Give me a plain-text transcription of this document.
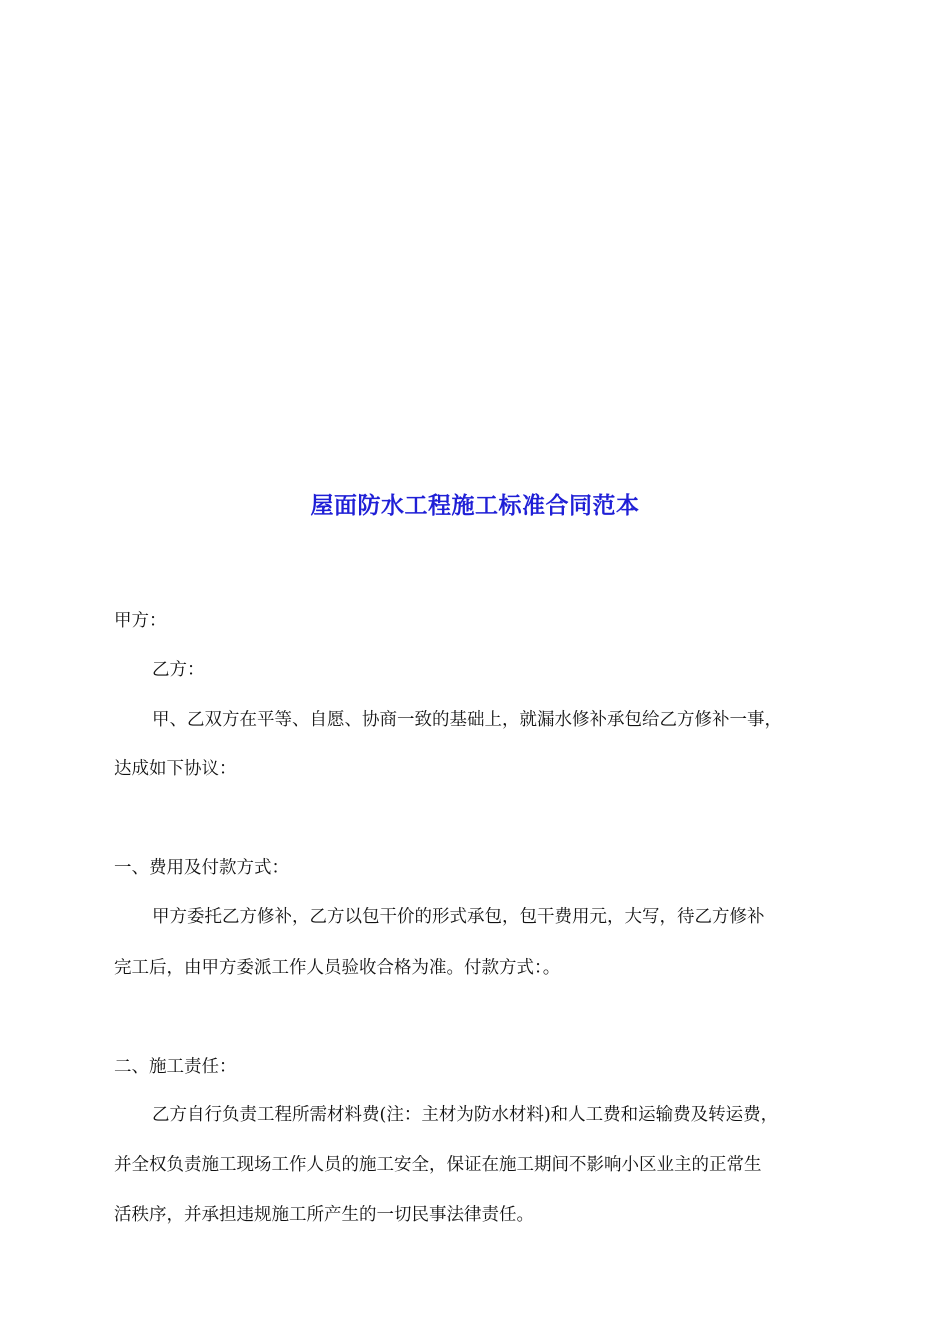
屋面防水工程施工标准合同范本
甲方：
乙方：
甲、乙双方在平等、自愿、协商一致的基础上，就漏水修补承包给乙方修补一事，
达成如下协议：
一、费用及付款方式：
甲方委托乙方修补，乙方以包干价的形式承包，包干费用元，大写，待乙方修补
完工后，由甲方委派工作人员验收合格为准。付款方式：。
二、施工责任：
乙方自行负责工程所需材料费(注：主材为防水材料)和人工费和运输费及转运费，
并全权负责施工现场工作人员的施工安全，保证在施工期间不影响小区业主的正常生
活秩序，并承担违规施工所产生的一切民事法律责任。
